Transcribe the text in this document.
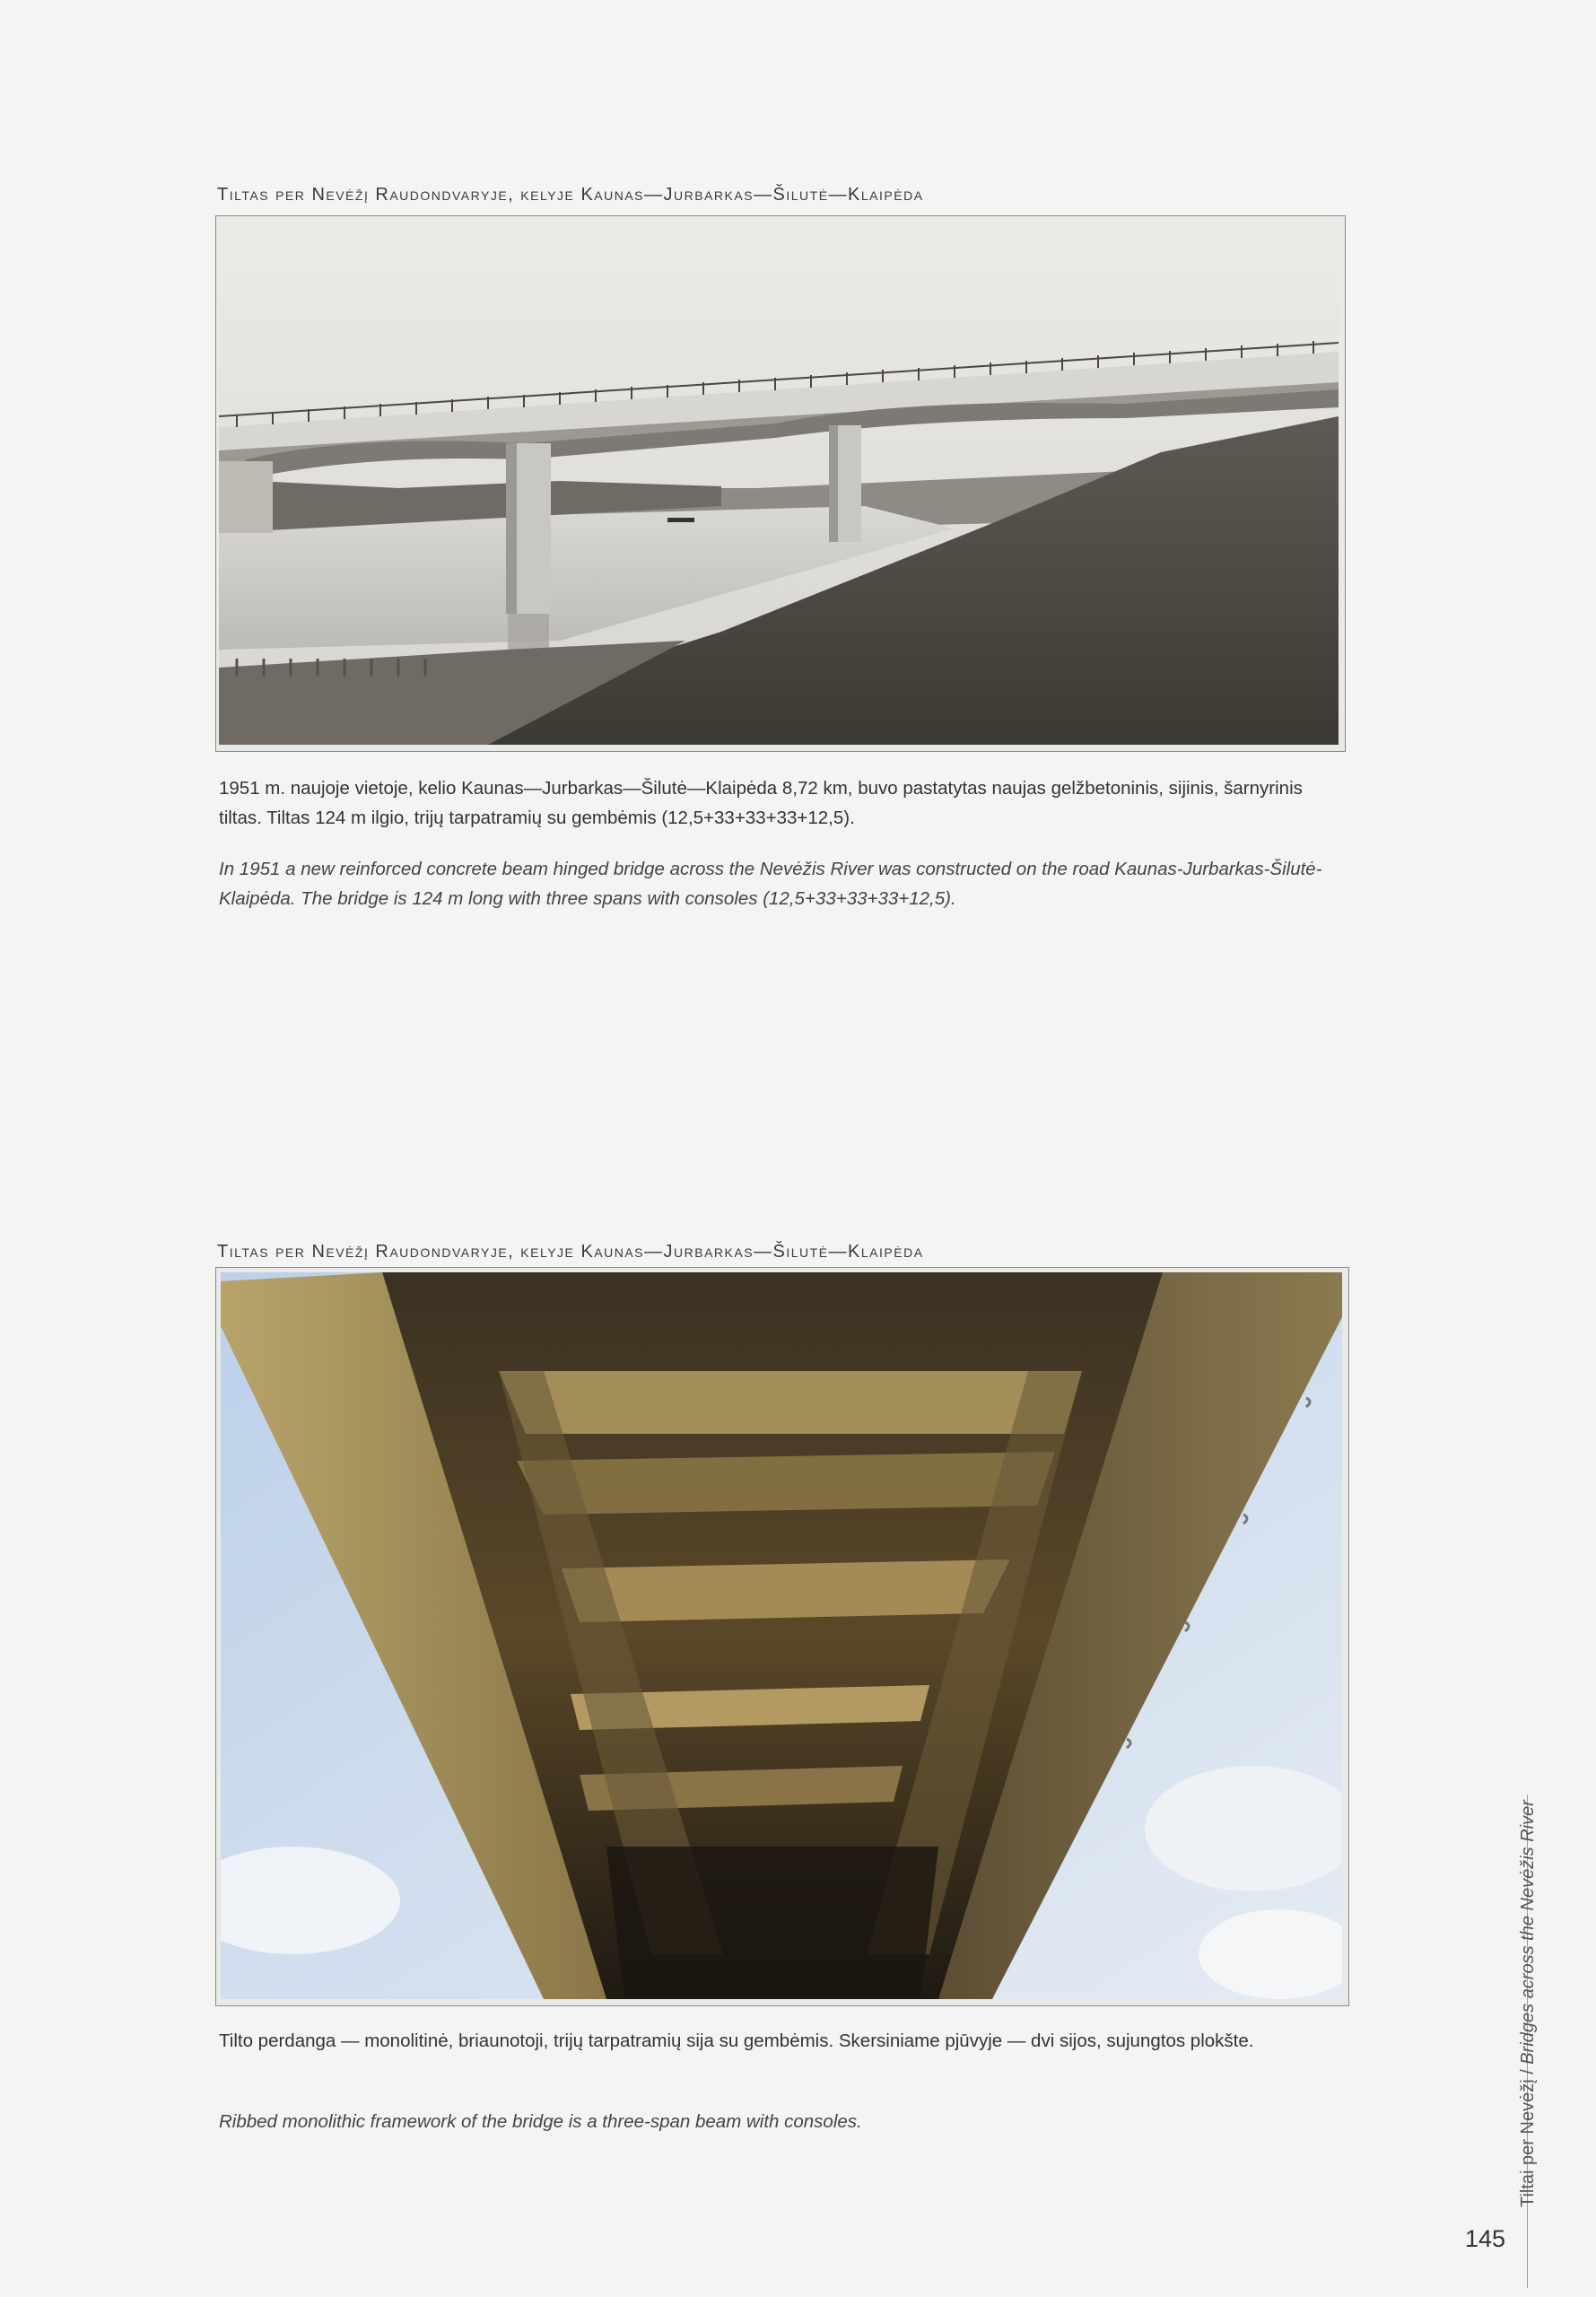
Tiltas per Nevėžį Raudondvaryje, kelyje Kaunas—Jurbarkas—Šilutė—Klaipėda
1951 m. naujoje vietoje, kelio Kaunas—Jurbarkas—Šilutė—Klaipėda 8,72 km, buvo pastatytas naujas gelžbetoninis, sijinis, šarnyrinis tiltas. Tiltas 124 m ilgio, trijų tarpatramių su gembėmis (12,5+33+33+33+12,5).
In 1951 a new reinforced concrete beam hinged bridge across the Nevėžis River was constructed on the road Kaunas-Jurbarkas-Šilutė-Klaipėda. The bridge is 124 m long with three spans with consoles (12,5+33+33+33+12,5).
Tiltas per Nevėžį Raudondvaryje, kelyje Kaunas—Jurbarkas—Šilutė—Klaipėda
Tilto perdanga — monolitinė, briaunotoji, trijų tarpatramių sija su gembėmis. Skersiniame pjūvyje — dvi sijos, sujungtos plokšte.
Ribbed monolithic framework of the bridge is a three-span beam with consoles.	Tiltai per Nevėžį / Bridges across the Nevėžis River
145
